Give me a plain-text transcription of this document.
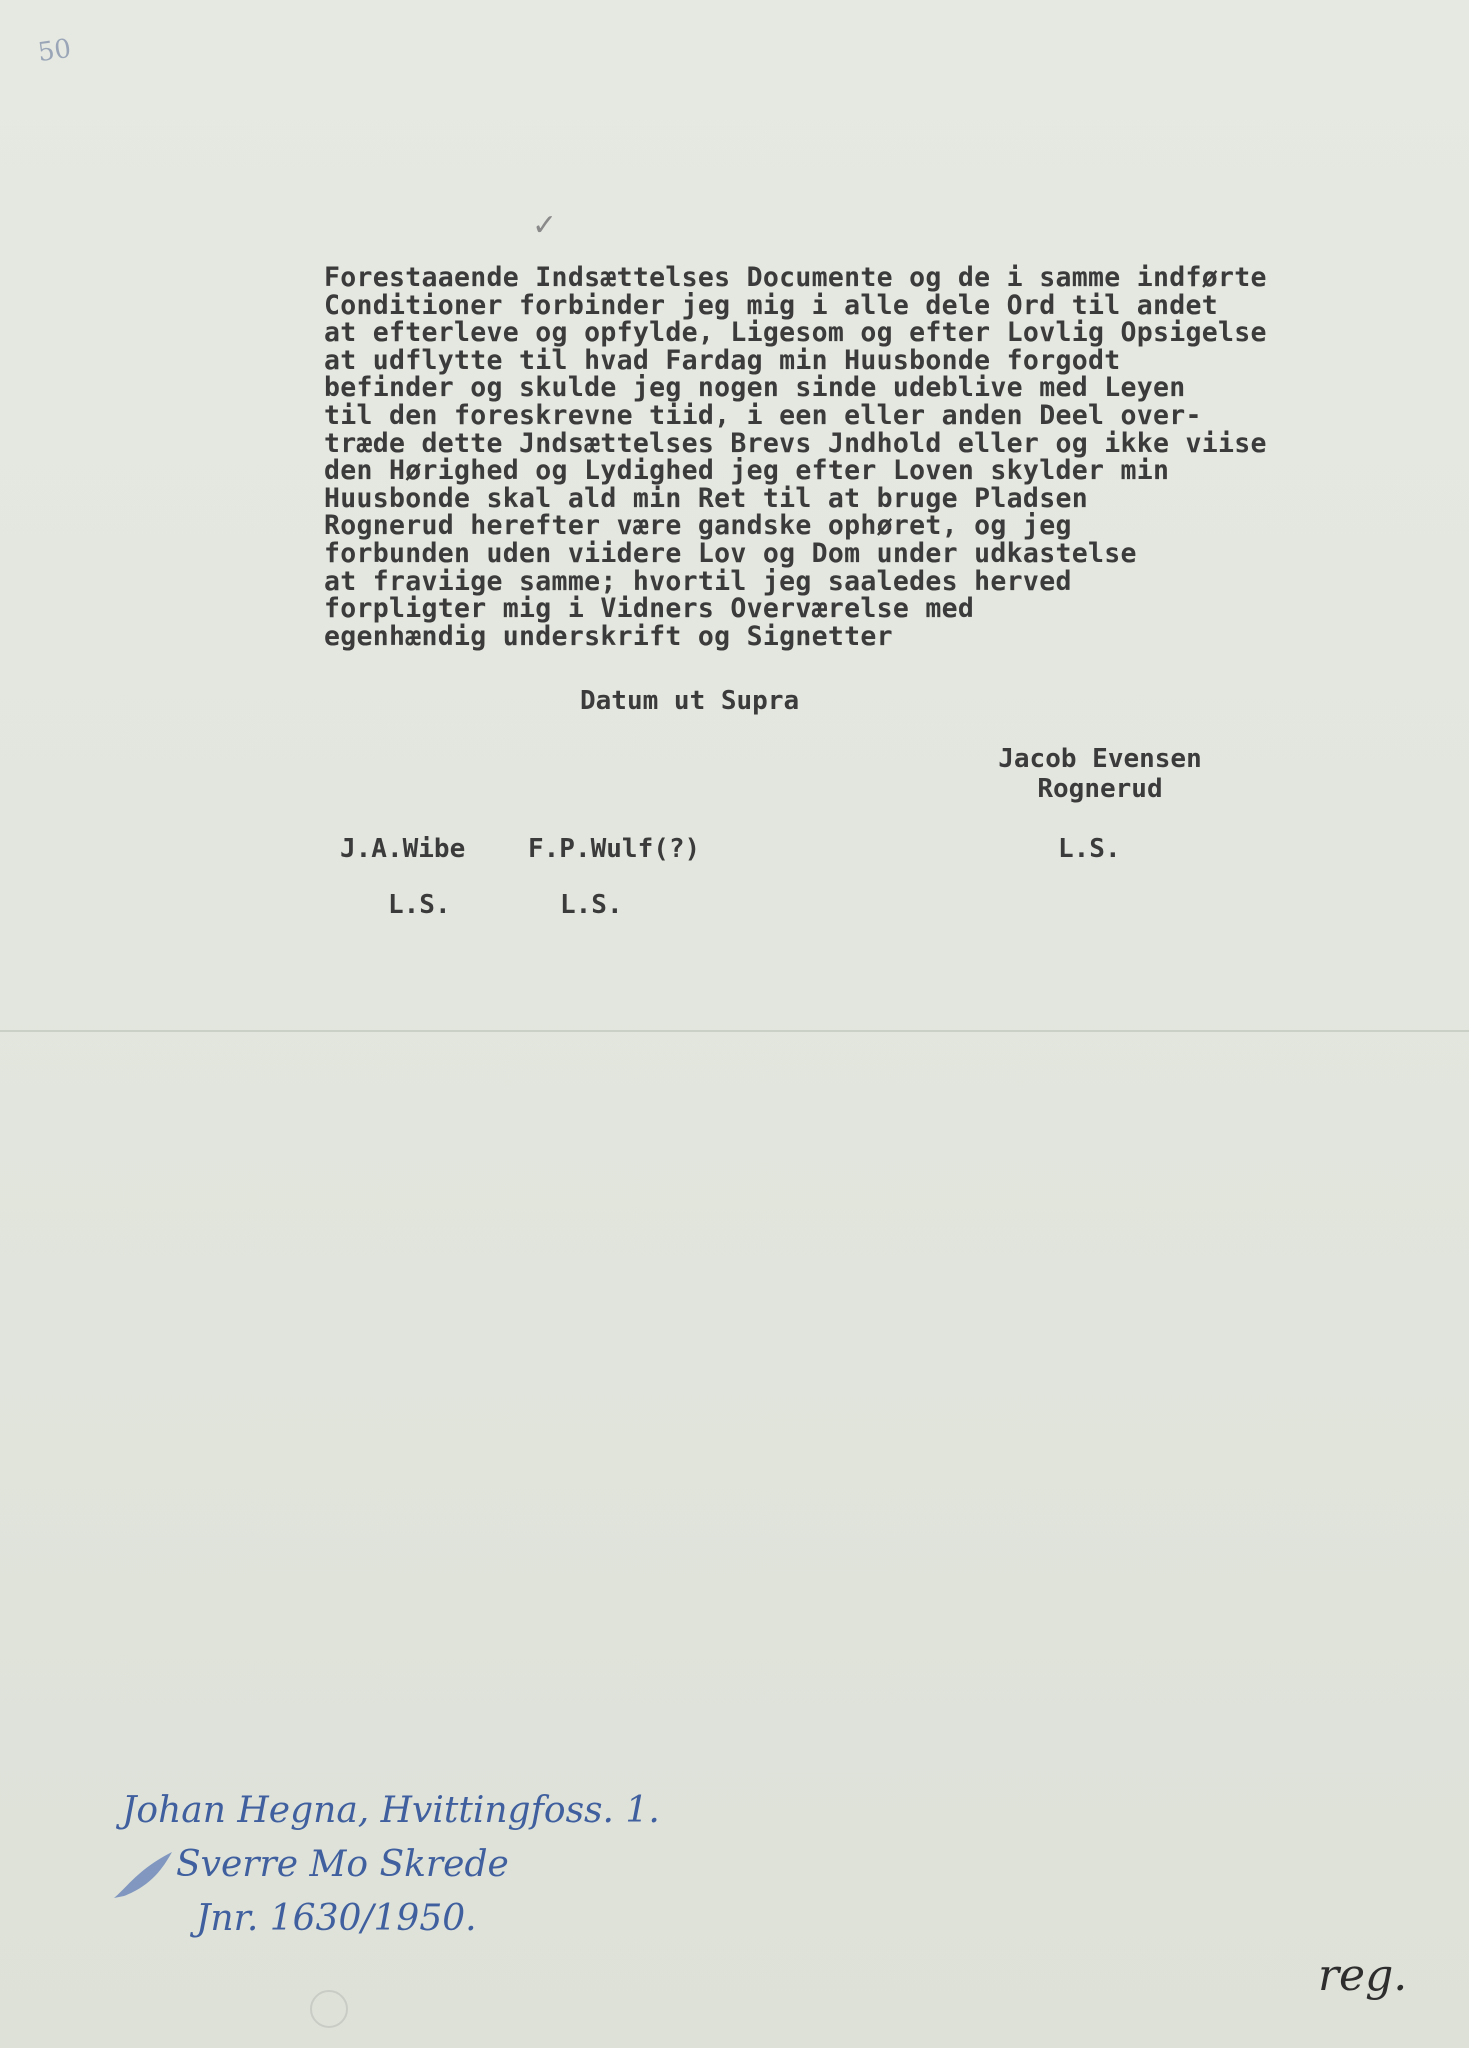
50
✓
Forestaaende Indsættelses Documente og de i samme indførte
Conditioner forbinder jeg mig i alle dele Ord til andet
at efterleve og opfylde, Ligesom og efter Lovlig Opsigelse
at udflytte til hvad Fardag min Huusbonde forgodt
befinder og skulde jeg nogen sinde udeblive med Leyen
til den foreskrevne tiid, i een eller anden Deel over-
træde dette Jndsættelses Brevs Jndhold eller og ikke viise
den Hørighed og Lydighed jeg efter Loven skylder min
Huusbonde skal ald min Ret til at bruge Pladsen
Rognerud herefter være gandske ophøret, og jeg
forbunden uden viidere Lov og Dom under udkastelse
at fraviige samme; hvortil jeg saaledes herved
forpligter mig i Vidners Overværelse med
egenhændig underskrift og Signetter
Datum ut Supra
Jacob Evensen
Rognerud
L.S.
J.A.Wibe F.P.Wulf(?)
L.S.	L.S.
Johan Hegna, Hvittingfoss. 1.
Sverre Mo Skrede
Jnr. 1630/1950.
reg.
